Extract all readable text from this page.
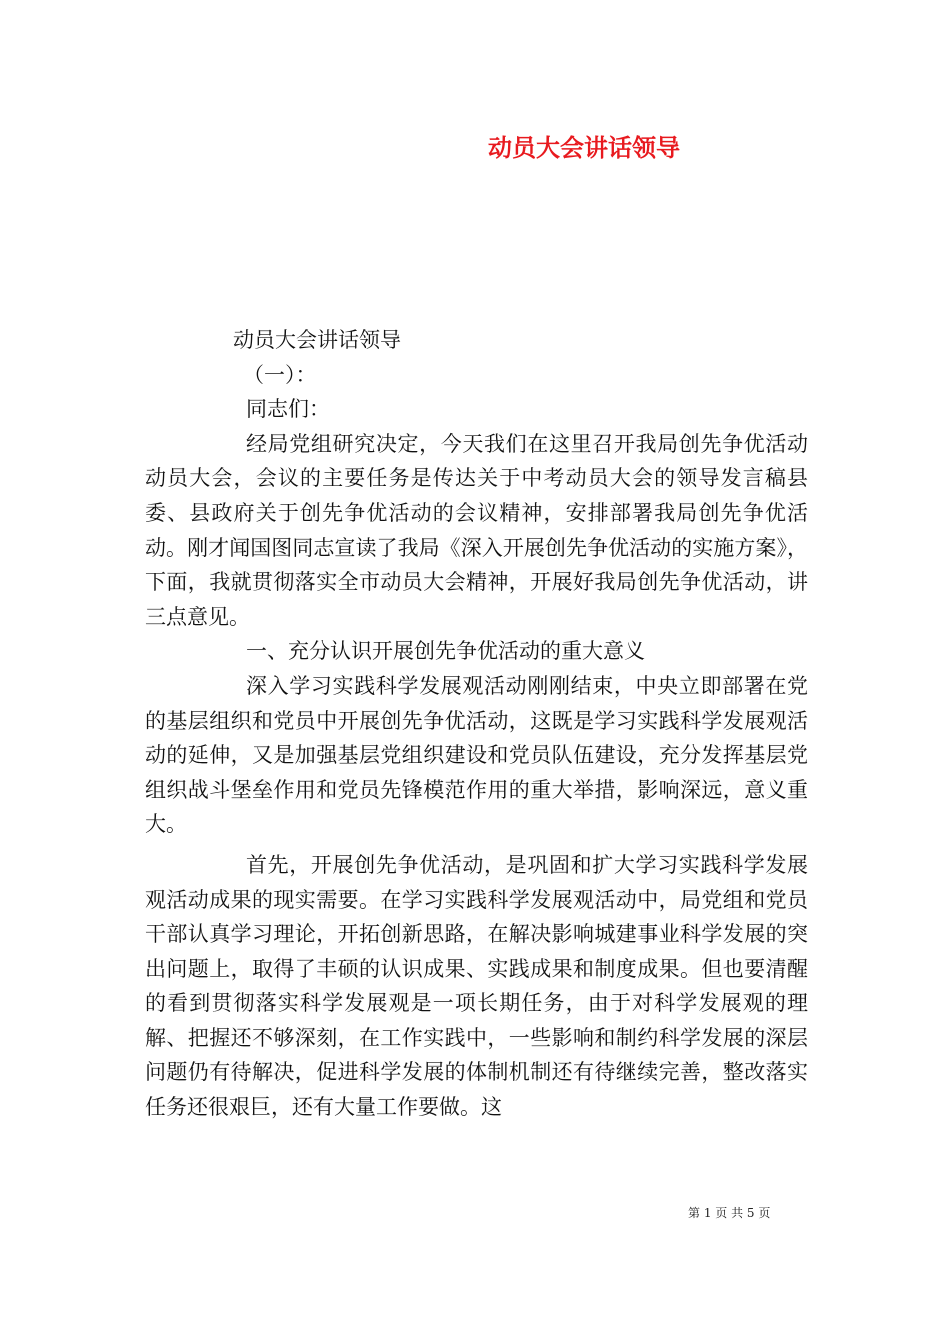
动员大会讲话领导
动员大会讲话领导
（一）：
同志们：

经局党组研究决定，今天我们在这里召开我局创先争优活动动员大会，会议的主要任务是传达关于中考动员大会的领导发言稿县委、县政府关于创先争优活动的会议精神，安排部署我局创先争优活动。刚才闻国图同志宣读了我局《深入开展创先争优活动的实施方案》，下面，我就贯彻落实全市动员大会精神，开展好我局创先争优活动，讲三点意见。

一、充分认识开展创先争优活动的重大意义

深入学习实践科学发展观活动刚刚结束，中央立即部署在党的基层组织和党员中开展创先争优活动，这既是学习实践科学发展观活动的延伸，又是加强基层党组织建设和党员队伍建设，充分发挥基层党组织战斗堡垒作用和党员先锋模范作用的重大举措，影响深远，意义重大。

首先，开展创先争优活动，是巩固和扩大学习实践科学发展观活动成果的现实需要。在学习实践科学发展观活动中，局党组和党员干部认真学习理论，开拓创新思路，在解决影响城建事业科学发展的突出问题上，取得了丰硕的认识成果、实践成果和制度成果。但也要清醒的看到贯彻落实科学发展观是一项长期任务，由于对科学发展观的理解、把握还不够深刻，在工作实践中，一些影响和制约科学发展的深层问题仍有待解决，促进科学发展的体制机制还有待继续完善，整改落实任务还很艰巨，还有大量工作要做。这

第 1 页 共 5 页
